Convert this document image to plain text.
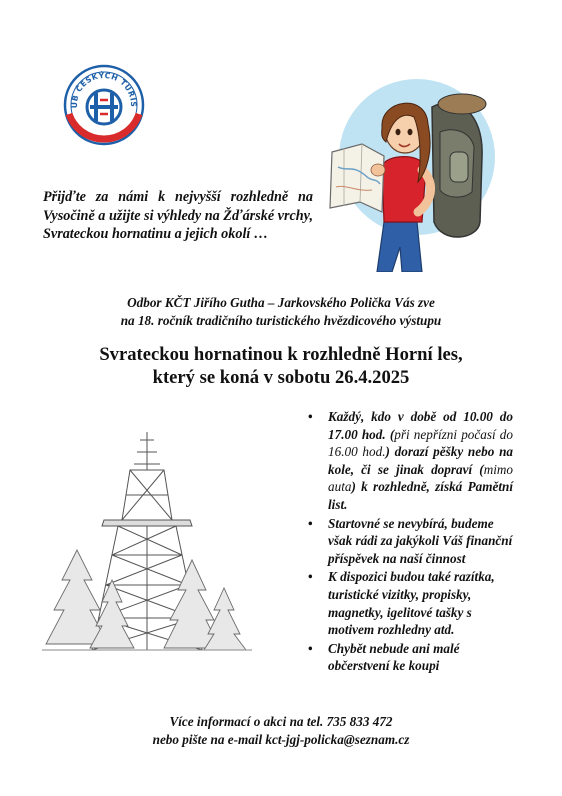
UB ČESKÝCH TURIS
Přijďte za námi k nejvyšší rozhledně na Vysočině a užijte si výhledy na Žďárské vrchy, Svrateckou hornatinu a jejich okolí …
Odbor KČT Jiřího Gutha – Jarkovského Polička Vás zve
na 18. ročník tradičního turistického hvězdicového výstupu
Svrateckou hornatinou k rozhledně Horní les,
který se koná v sobotu 26.4.2025
• Každý, kdo v době od 10.00 do 17.00 hod. (při nepřízni počasí do 16.00 hod.) dorazí pěšky nebo na kole, či se jinak dopraví (mimo auta) k rozhledně, získá Pamětní list.
• Startovné se nevybírá, budeme však rádi za jakýkoli Váš finanční příspěvek na naší činnost
• K dispozici budou také razítka, turistické vizitky, propisky, magnetky, igelitové tašky s motivem rozhledny atd.
• Chybět nebude ani malé občerstvení ke koupi
Více informací o akci na tel. 735 833 472
nebo pište na e-mail kct-jgj-policka@seznam.cz
